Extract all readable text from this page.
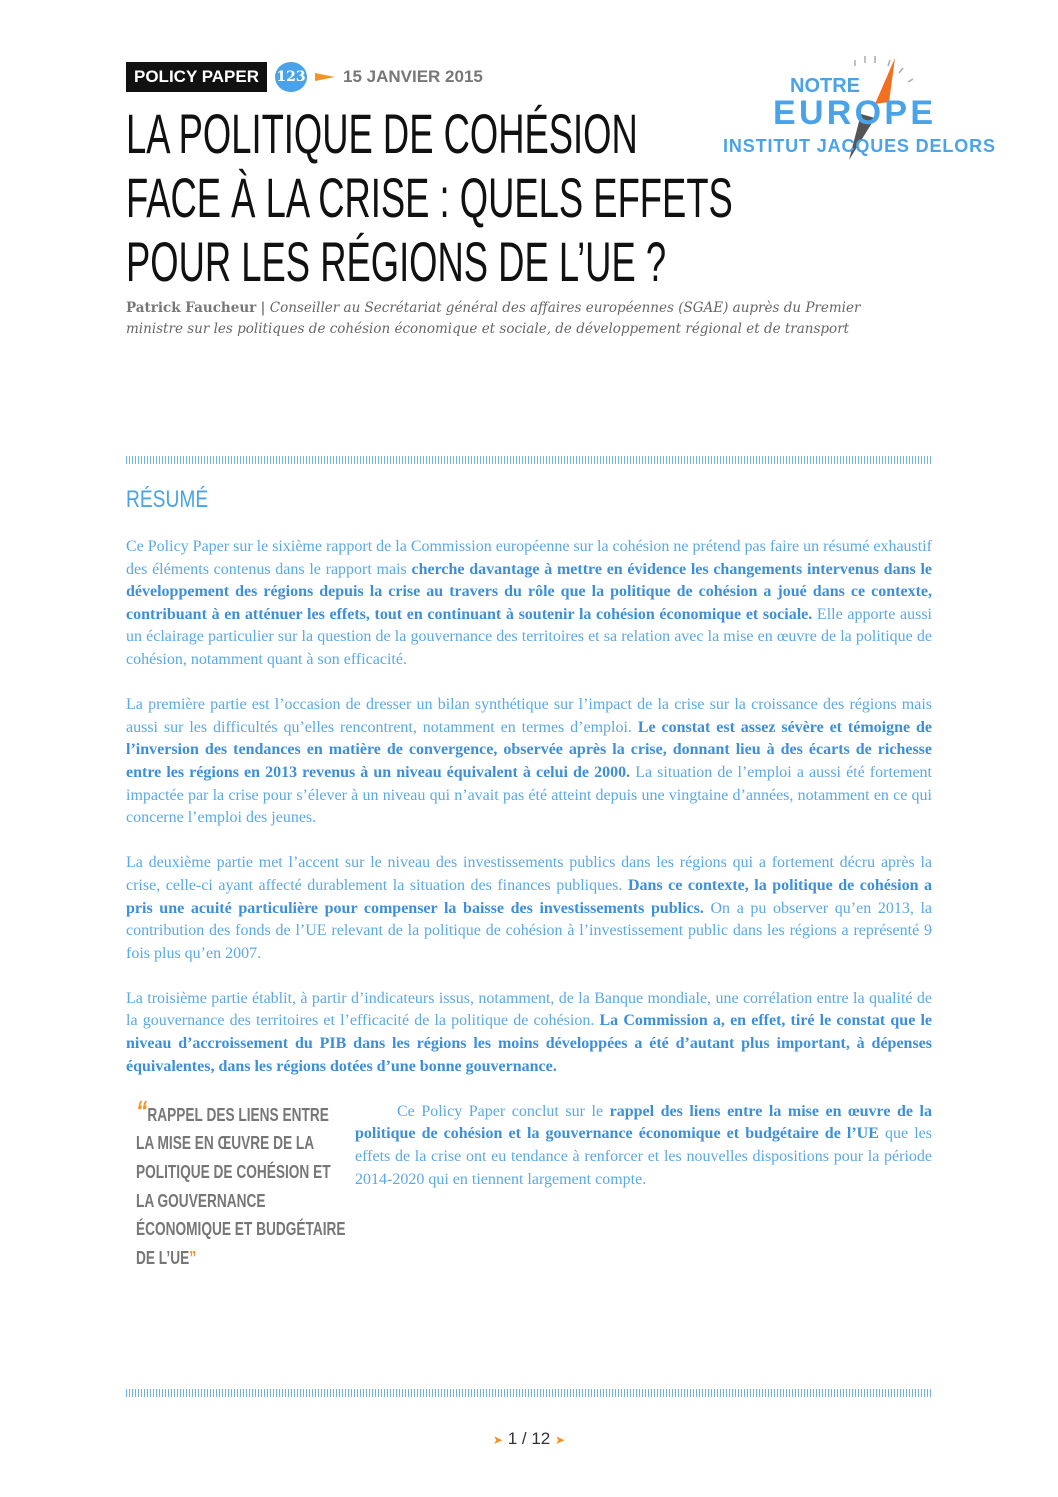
POLICY PAPER	123 15 JANVIER 2015	NOTRE
EUROPE
INSTITUT JACQUES DELORS
LA POLITIQUE DE COHÉSION
FACE À LA CRISE : QUELS EFFETS
POUR LES RÉGIONS DE L’UE ?
Patrick Faucheur | Conseiller au Secrétariat général des affaires européennes (SGAE) auprès du Premier ministre sur les politiques de cohésion économique et sociale, de développement régional et de transport
RÉSUMÉ

Ce Policy Paper sur le sixième rapport de la Commission européenne sur la cohésion ne prétend pas faire un résumé exhaustif des éléments contenus dans le rapport mais cherche davantage à mettre en évidence les changements intervenus dans le développement des régions depuis la crise au travers du rôle que la politique de cohésion a joué dans ce contexte, contribuant à en atténuer les effets, tout en continuant à soutenir la cohésion économique et sociale. Elle apporte aussi un éclairage particulier sur la question de la gouvernance des territoires et sa relation avec la mise en œuvre de la politique de cohésion, notamment quant à son efficacité.

La première partie est l’occasion de dresser un bilan synthétique sur l’impact de la crise sur la croissance des régions mais aussi sur les difficultés qu’elles rencontrent, notamment en termes d’emploi. Le constat est assez sévère et témoigne de l’inversion des tendances en matière de convergence, observée après la crise, donnant lieu à des écarts de richesse entre les régions en 2013 revenus à un niveau équivalent à celui de 2000. La situation de l’emploi a aussi été fortement impactée par la crise pour s’élever à un niveau qui n’avait pas été atteint depuis une vingtaine d’années, notamment en ce qui concerne l’emploi des jeunes.

La deuxième partie met l’accent sur le niveau des investissements publics dans les régions qui a fortement décru après la crise, celle-ci ayant affecté durablement la situation des finances publiques. Dans ce contexte, la politique de cohésion a pris une acuité particulière pour compenser la baisse des investissements publics. On a pu observer qu’en 2013, la contribution des fonds de l’UE relevant de la politique de cohésion à l’investissement public dans les régions a représenté 9 fois plus qu’en 2007.

La troisième partie établit, à partir d’indicateurs issus, notamment, de la Banque mondiale, une corrélation entre la qualité de la gouvernance des territoires et l’efficacité de la politique de cohésion. La Commission a, en effet, tiré le constat que le niveau d’accroissement du PIB dans les régions les moins développées a été d’autant plus important, à dépenses équivalentes, dans les régions dotées d’une bonne gouvernance.

“RAPPEL DES LIENS ENTRE LA MISE EN ŒUVRE DE LA POLITIQUE DE COHÉSION ET LA GOUVERNANCE ÉCONOMIQUE ET BUDGÉTAIRE DE L’UE”
Ce Policy Paper conclut sur le rappel des liens entre la mise en œuvre de la politique de cohésion et la gouvernance économique et budgétaire de l’UE que les effets de la crise ont eu tendance à renforcer et les nouvelles dispositions pour la période 2014-2020 qui en tiennent largement compte.
➤ 1 / 12 ➤
